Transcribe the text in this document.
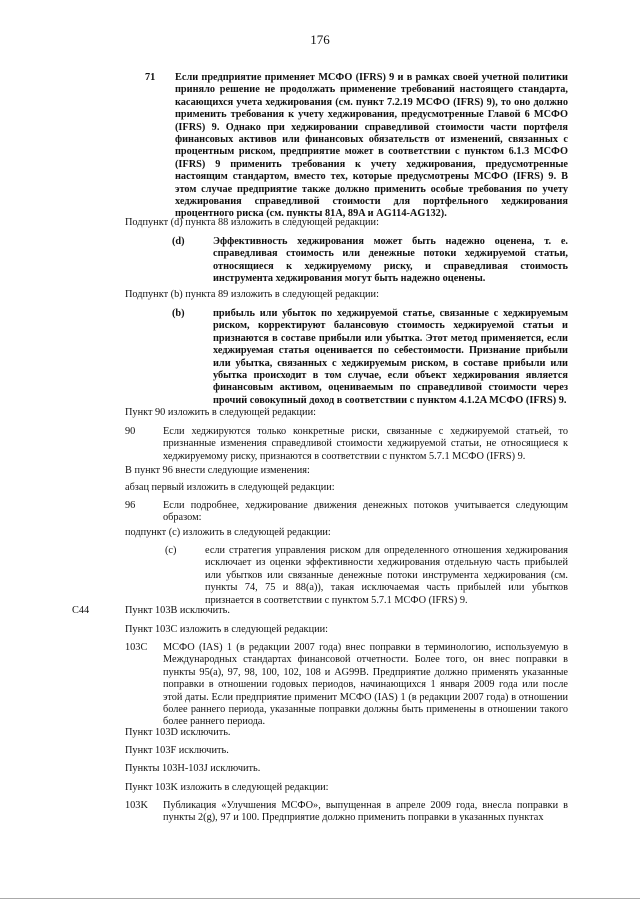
176
71 Если предприятие применяет МСФО (IFRS) 9 и в рамках своей учетной политики приняло решение не продолжать применение требований настоящего стандарта, касающихся учета хеджирования (см. пункт 7.2.19 МСФО (IFRS) 9), то оно должно применить требования к учету хеджирования, предусмотренные Главой 6 МСФО (IFRS) 9. Однако при хеджировании справедливой стоимости части портфеля финансовых активов или финансовых обязательств от изменений, связанных с процентным риском, предприятие может в соответствии с пунктом 6.1.3 МСФО (IFRS) 9 применить требования к учету хеджирования, предусмотренные настоящим стандартом, вместо тех, которые предусмотрены МСФО (IFRS) 9. В этом случае предприятие также должно применить особые требования по учету хеджирования справедливой стоимости для портфельного хеджирования процентного риска (см. пункты 81A, 89A и AG114-AG132).
Подпункт (d) пункта 88 изложить в следующей редакции:
(d)	Эффективность хеджирования может быть надежно оценена, т. е. справедливая стоимость или денежные потоки хеджируемой статьи, относящиеся к хеджируемому риску, и справедливая стоимость инструмента хеджирования могут быть надежно оценены.
Подпункт (b) пункта 89 изложить в следующей редакции:
(b)	прибыль или убыток по хеджируемой статье, связанные с хеджируемым риском, корректируют балансовую стоимость хеджируемой статьи и признаются в составе прибыли или убытка. Этот метод применяется, если хеджируемая статья оценивается по себестоимости. Признание прибыли или убытка, связанных с хеджируемым риском, в составе прибыли или убытка происходит в том случае, если объект хеджирования является финансовым активом, оцениваемым по справедливой стоимости через прочий совокупный доход в соответствии с пунктом 4.1.2A МСФО (IFRS) 9.
Пункт 90 изложить в следующей редакции:
90	Если хеджируются только конкретные риски, связанные с хеджируемой статьей, то признанные изменения справедливой стоимости хеджируемой статьи, не относящиеся к хеджируемому риску, признаются в соответствии с пунктом 5.7.1 МСФО (IFRS) 9.
В пункт 96 внести следующие изменения:
абзац первый изложить в следующей редакции:
96	Если подробнее, хеджирование движения денежных потоков учитывается следующим образом:
подпункт (c) изложить в следующей редакции:
(c)	если стратегия управления риском для определенного отношения хеджирования исключает из оценки эффективности хеджирования отдельную часть прибылей или убытков или связанные денежные потоки инструмента хеджирования (см. пункты 74, 75 и 88(a)), такая исключаемая часть прибылей или убытков признается в соответствии с пунктом 5.7.1 МСФО (IFRS) 9.
C44	Пункт 103B исключить.
Пункт 103C изложить в следующей редакции:
103C МСФО (IAS) 1 (в редакции 2007 года) внес поправки в терминологию, используемую в Международных стандартах финансовой отчетности. Более того, он внес поправки в пункты 95(a), 97, 98, 100, 102, 108 и AG99B. Предприятие должно применять указанные поправки в отношении годовых периодов, начинающихся 1 января 2009 года или после этой даты. Если предприятие применит МСФО (IAS) 1 (в редакции 2007 года) в отношении более раннего периода, указанные поправки должны быть применены в отношении такого более раннего периода.
Пункт 103D исключить.
Пункт 103F исключить.
Пункты 103H-103J исключить.
Пункт 103K изложить в следующей редакции:
103K Публикация «Улучшения МСФО», выпущенная в апреле 2009 года, внесла поправки в пункты 2(g), 97 и 100. Предприятие должно применить поправки в указанных пунктах
